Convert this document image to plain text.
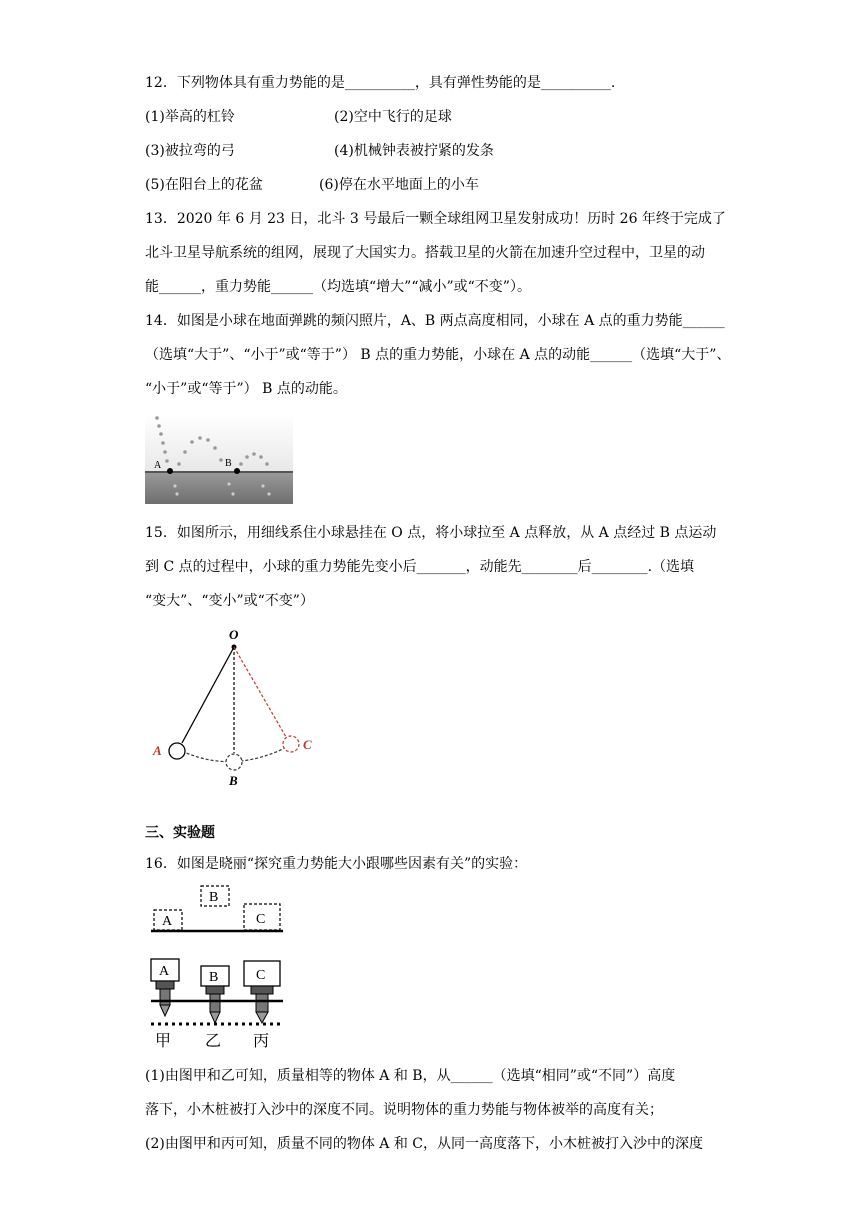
12．下列物体具有重力势能的是__________，具有弹性势能的是__________.
(1)举高的杠铃	(2)空中飞行的足球
(3)被拉弯的弓	(4)机械钟表被拧紧的发条
(5)在阳台上的花盆	(6)停在水平地面上的小车
13．2020 年 6 月 23 日，北斗 3 号最后一颗全球组网卫星发射成功！历时 26 年终于完成了
北斗卫星导航系统的组网，展现了大国实力。搭载卫星的火箭在加速升空过程中，卫星的动
能______，重力势能______（均选填“增大”“减小”或“不变”）。
14．如图是小球在地面弹跳的频闪照片，A、B 两点高度相同，小球在 A 点的重力势能______
（选填“大于”、“小于”或“等于”） B 点的重力势能，小球在 A 点的动能______（选填“大于”、
“小于”或“等于”） B 点的动能。
A	B
15．如图所示，用细线系住小球悬挂在 O 点，将小球拉至 A 点释放，从 A 点经过 B 点运动
到 C 点的过程中，小球的重力势能先变小后_______，动能先________后________.（选填
“变大”、“变小”或“不变”）
O
A
B
C
三、实验题
16．如图是晓丽“探究重力势能大小跟哪些因素有关”的实验：
A
B
C
A	B	C
甲 乙 丙
(1)由图甲和乙可知，质量相等的物体 A 和 B，从______（选填“相同”或“不同”）高度
落下，小木桩被打入沙中的深度不同。说明物体的重力势能与物体被举的高度有关；
(2)由图甲和丙可知，质量不同的物体 A 和 C，从同一高度落下，小木桩被打入沙中的深度
